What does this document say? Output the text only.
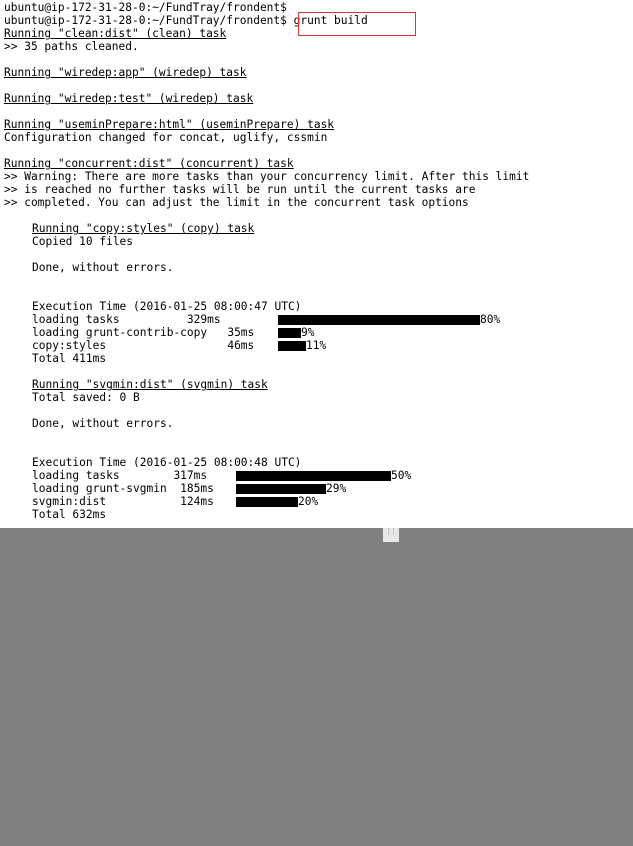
ubuntu@ip-172-31-28-0:~/FundTray/frondent$
ubuntu@ip-172-31-28-0:~/FundTray/frondent$ grunt build
Running "clean:dist" (clean) task
>> 35 paths cleaned.
Running "wiredep:app" (wiredep) task
Running "wiredep:test" (wiredep) task
Running "useminPrepare:html" (useminPrepare) task
Configuration changed for concat, uglify, cssmin
Running "concurrent:dist" (concurrent) task
>> Warning: There are more tasks than your concurrency limit. After this limit
>> is reached no further tasks will be run until the current tasks are
>> completed. You can adjust the limit in the concurrent task options
Running "copy:styles" (copy) task
Copied 10 files
Done, without errors.
Execution Time (2016-01-25 08:00:47 UTC)
loading tasks          329ms
loading grunt-contrib-copy   35ms
copy:styles                  46ms
Total 411ms
80%
9%
11%
Running "svgmin:dist" (svgmin) task
Total saved: 0 B
Done, without errors.
Execution Time (2016-01-25 08:00:48 UTC)
loading tasks        317ms
loading grunt-svgmin  185ms
svgmin:dist           124ms
Total 632ms
50%
29%
20%
⁞⁞
